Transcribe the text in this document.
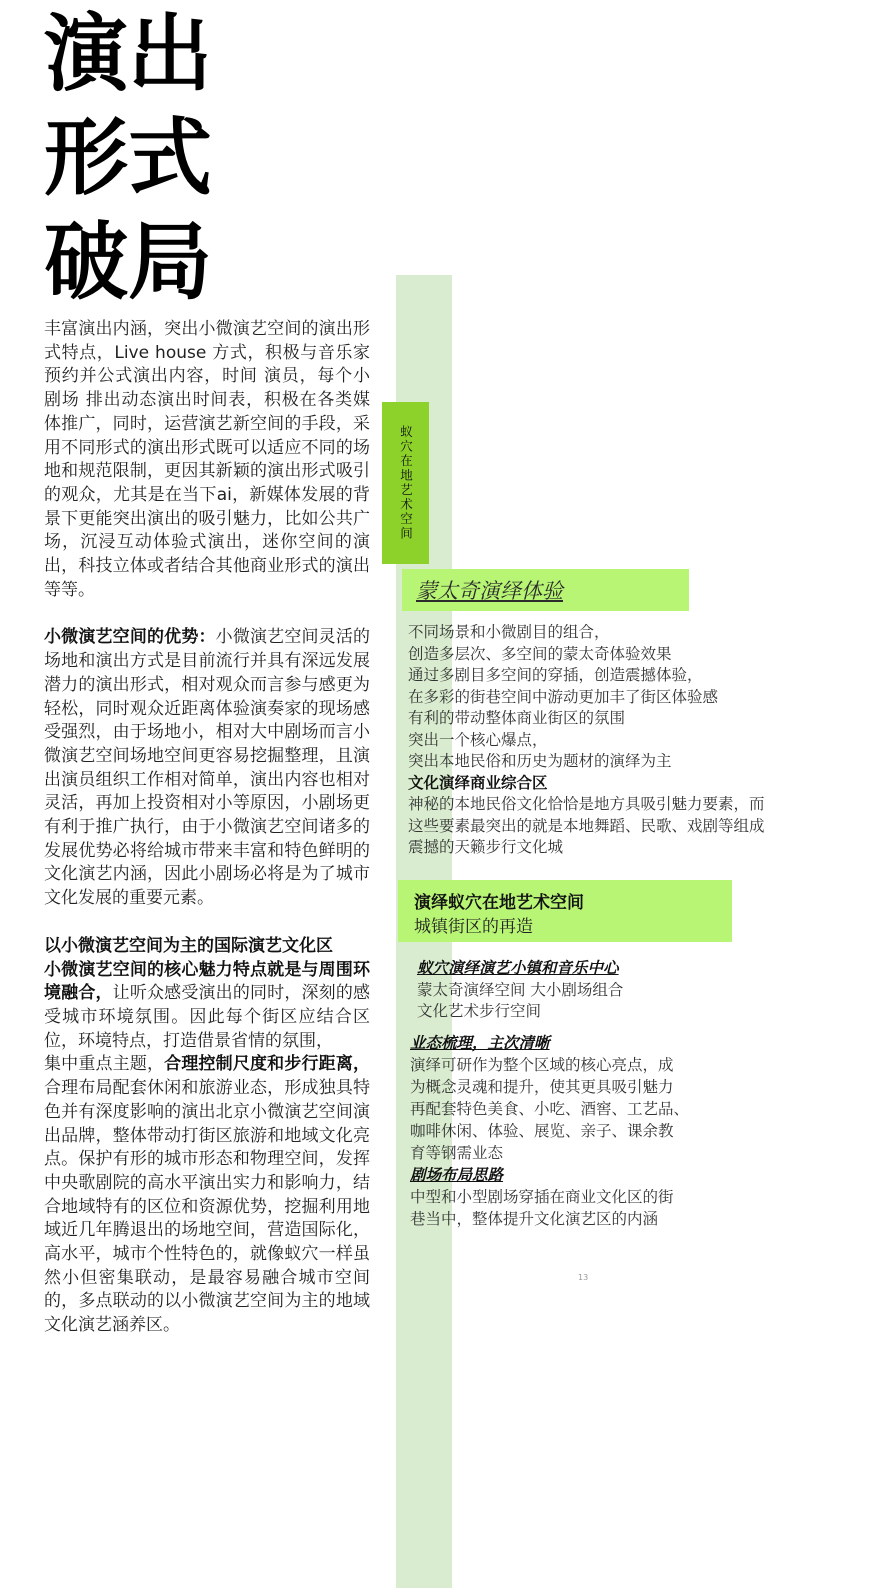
演出
形式
破局

丰富演出内涵，突出小微演艺空间的演出形式特点，Live house 方式，积极与音乐家预约并公式演出内容，时间 演员，每个小剧场 排出动态演出时间表，积极在各类媒体推广，同时，运营演艺新空间的手段，采用不同形式的演出形式既可以适应不同的场地和规范限制，更因其新颖的演出形式吸引的观众，尤其是在当下ai，新媒体发展的背景下更能突出演出的吸引魅力，比如公共广场，沉浸互动体验式演出，迷你空间的演出，科技立体或者结合其他商业形式的演出等等。

小微演艺空间的优势：小微演艺空间灵活的场地和演出方式是目前流行并具有深远发展潜力的演出形式，相对观众而言参与感更为轻松，同时观众近距离体验演奏家的现场感受强烈，由于场地小，相对大中剧场而言小微演艺空间场地空间更容易挖掘整理，且演出演员组织工作相对简单，演出内容也相对灵活，再加上投资相对小等原因，小剧场更有利于推广执行，由于小微演艺空间诸多的发展优势必将给城市带来丰富和特色鲜明的文化演艺内涵，因此小剧场必将是为了城市文化发展的重要元素。

以小微演艺空间为主的国际演艺文化区

小微演艺空间的核心魅力特点就是与周围环境融合，让听众感受演出的同时，深刻的感受城市环境氛围。因此每个街区应结合区位，环境特点，打造借景省情的氛围，
集中重点主题，合理控制尺度和步行距离，合理布局配套休闲和旅游业态，形成独具特色并有深度影响的演出北京小微演艺空间演出品牌，整体带动打街区旅游和地域文化亮点。保护有形的城市形态和物理空间，发挥中央歌剧院的高水平演出实力和影响力，结合地域特有的区位和资源优势，挖掘利用地域近几年腾退出的场地空间，营造国际化，高水平，城市个性特色的，就像蚁穴一样虽然小但密集联动，是最容易融合城市空间的，多点联动的以小微演艺空间为主的地域文化演艺涵养区。

蚁穴在地艺术空间
蒙太奇演绎体验
不同场景和小微剧目的组合，
创造多层次、多空间的蒙太奇体验效果
通过多剧目多空间的穿插，创造震撼体验，
在多彩的街巷空间中游动更加丰了街区体验感
有利的带动整体商业街区的氛围
突出一个核心爆点，
突出本地民俗和历史为题材的演绎为主
文化演绎商业综合区
神秘的本地民俗文化恰恰是地方具吸引魅力要素，而
这些要素最突出的就是本地舞蹈、民歌、戏剧等组成
震撼的天籁步行文化城
演绎蚁穴在地艺术空间
城镇街区的再造
蚁穴演绎演艺小镇和音乐中心
蒙太奇演绎空间 大小剧场组合
文化艺术步行空间
业态梳理，主次清晰
演绎可研作为整个区域的核心亮点，成
为概念灵魂和提升，使其更具吸引魅力
再配套特色美食、小吃、酒窖、工艺品、
咖啡休闲、体验、展览、亲子、课余教
育等钢需业态
剧场布局思路
中型和小型剧场穿插在商业文化区的街
巷当中，整体提升文化演艺区的内涵
13
